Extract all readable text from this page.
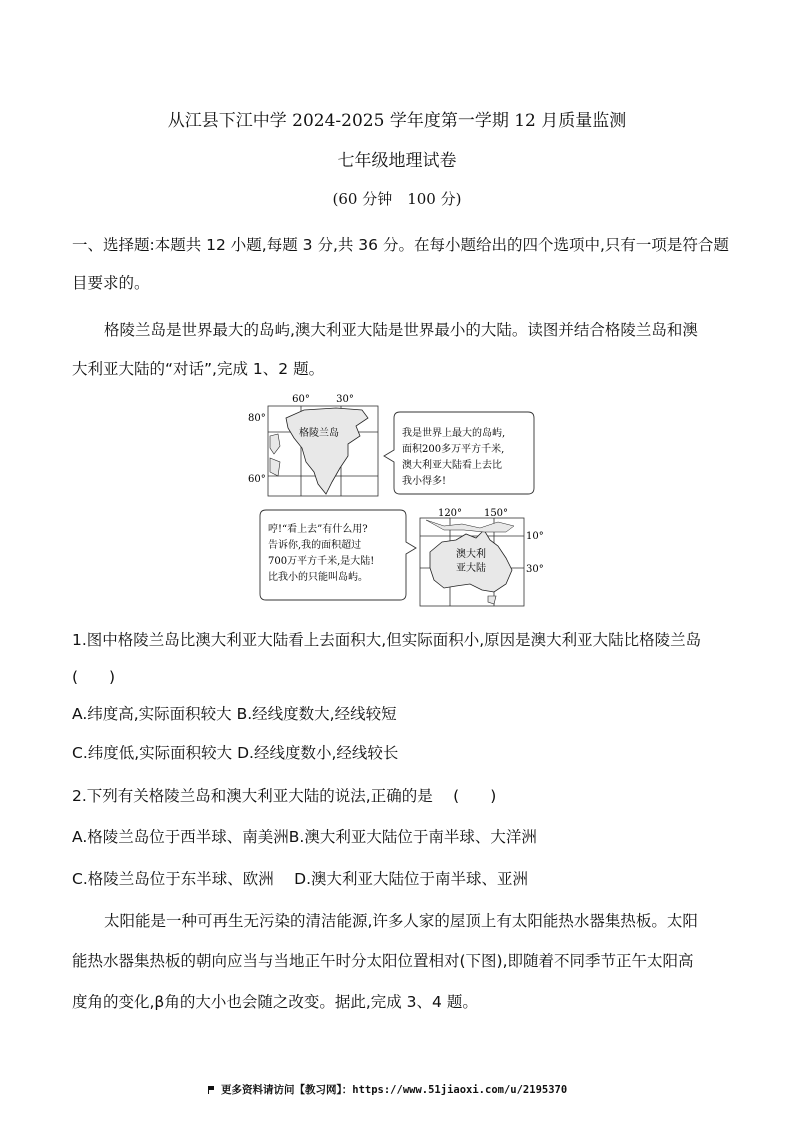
从江县下江中学 2024-2025 学年度第一学期 12 月质量监测
七年级地理试卷
(60 分钟　100 分)
一、选择题:本题共 12 小题,每题 3 分,共 36 分。在每小题给出的四个选项中,只有一项是符合题
目要求的。
格陵兰岛是世界最大的岛屿,澳大利亚大陆是世界最小的大陆。读图并结合格陵兰岛和澳
大利亚大陆的“对话”,完成 1、2 题。
60°	30°
80°
60°
格陵兰岛	我是世界上最大的岛屿,
面积200多万平方千米,
澳大利亚大陆看上去比
我小得多!
哼!“看上去”有什么用?
告诉你,我的面积超过
700万平方千米,是大陆!
比我小的只能叫岛屿。
120° 150°
10°
30°
澳大利
亚大陆
1.图中格陵兰岛比澳大利亚大陆看上去面积大,但实际面积小,原因是澳大利亚大陆比格陵兰岛
(　　)
A.纬度高,实际面积较大 B.经线度数大,经线较短
C.纬度低,实际面积较大 D.经线度数小,经线较长
2.下列有关格陵兰岛和澳大利亚大陆的说法,正确的是　 (　　)
A.格陵兰岛位于西半球、南美洲B.澳大利亚大陆位于南半球、大洋洲
C.格陵兰岛位于东半球、欧洲　 D.澳大利亚大陆位于南半球、亚洲
太阳能是一种可再生无污染的清洁能源,许多人家的屋顶上有太阳能热水器集热板。太阳
能热水器集热板的朝向应当与当地正午时分太阳位置相对(下图),即随着不同季节正午太阳高
度角的变化,β角的大小也会随之改变。据此,完成 3、4 题。
更多资料请访问【教习网】：https://www.51jiaoxi.com/u/2195370
